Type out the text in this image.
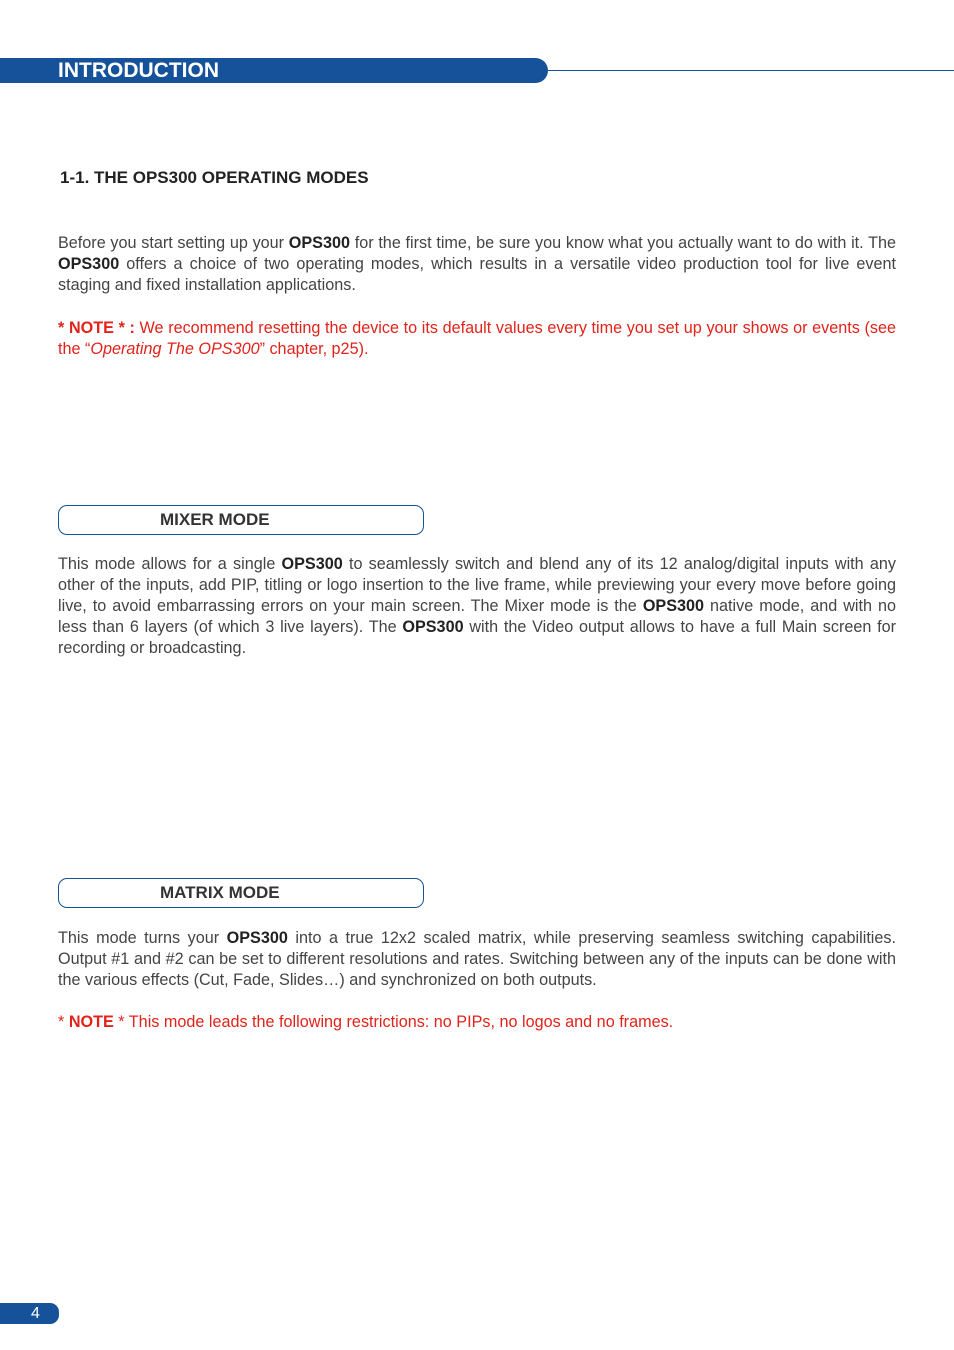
INTRODUCTION
1-1. THE OPS300 OPERATING MODES
Before you start setting up your OPS300 for the first time, be sure you know what you actually want to do with it. The OPS300 offers a choice of two operating modes, which results in a versatile video production tool for live event staging and fixed installation applications.
* NOTE * : We recommend resetting the device to its default values every time you set up your shows or events (see the “Operating The OPS300” chapter, p25).
MIXER MODE
This mode allows for a single OPS300 to seamlessly switch and blend any of its 12 analog/digital inputs with any other of the inputs, add PIP, titling or logo insertion to the live frame, while previewing your every move before going live, to avoid embarrassing errors on your main screen. The Mixer mode is the OPS300 native mode, and with no less than 6 layers (of which 3 live layers). The OPS300 with the Video output allows to have a full Main screen for recording or broadcasting.
MATRIX MODE
This mode turns your OPS300 into a true 12x2 scaled matrix, while preserving seamless switching capabilities. Output #1 and #2 can be set to different resolutions and rates. Switching between any of the inputs can be done with the various effects (Cut, Fade, Slides…) and synchronized on both outputs.
* NOTE * This mode leads the following restrictions: no PIPs, no logos and no frames.
4
